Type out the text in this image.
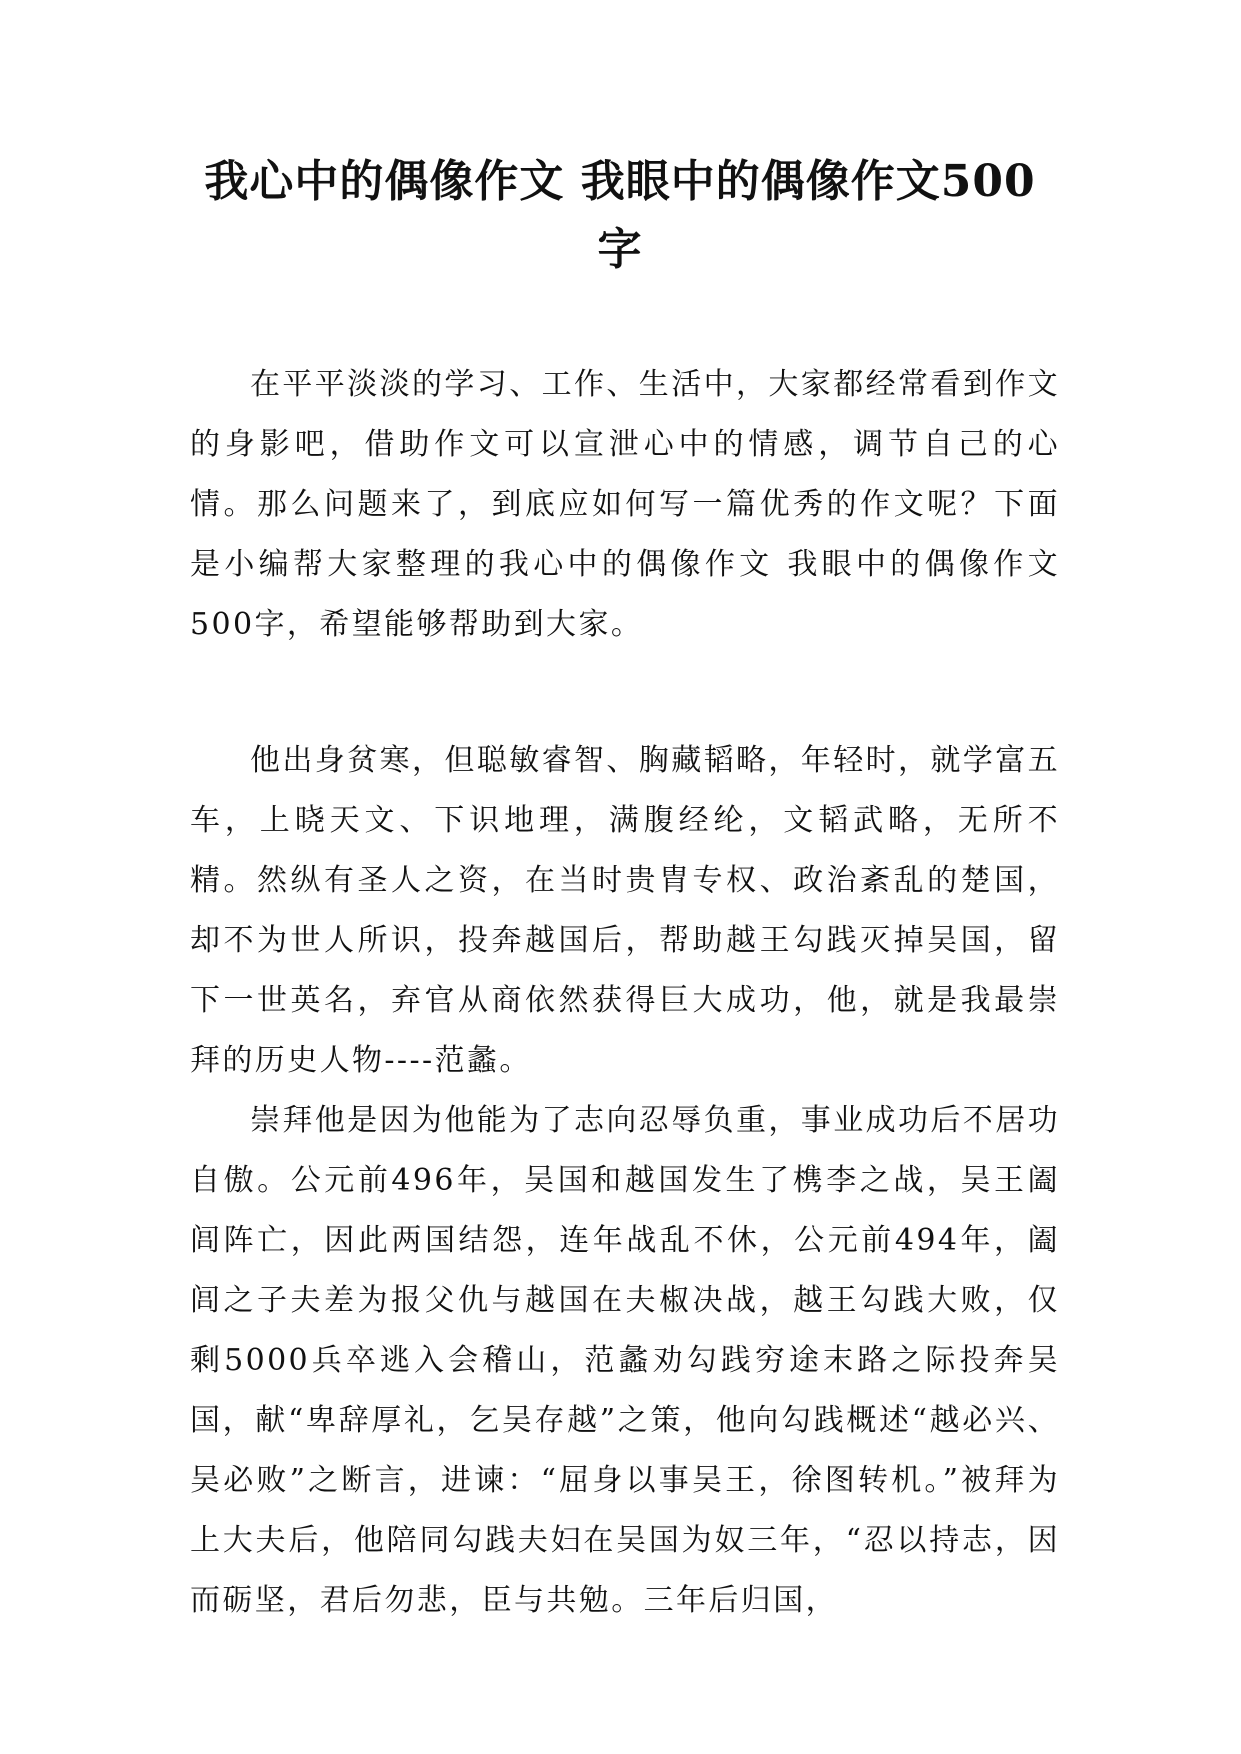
我心中的偶像作文 我眼中的偶像作文500字

在平平淡淡的学习、工作、生活中，大家都经常看到作文的身影吧，借助作文可以宣泄心中的情感，调节自己的心情。那么问题来了，到底应如何写一篇优秀的作文呢？下面是小编帮大家整理的我心中的偶像作文 我眼中的偶像作文500字，希望能够帮助到大家。

他出身贫寒，但聪敏睿智、胸藏韬略，年轻时，就学富五车，上晓天文、下识地理，满腹经纶，文韬武略，无所不精。然纵有圣人之资，在当时贵胄专权、政治紊乱的楚国，却不为世人所识，投奔越国后，帮助越王勾践灭掉吴国，留下一世英名，弃官从商依然获得巨大成功，他，就是我最崇拜的历史人物----范蠡。

崇拜他是因为他能为了志向忍辱负重，事业成功后不居功自傲。公元前496年，吴国和越国发生了槜李之战，吴王阖闾阵亡，因此两国结怨，连年战乱不休，公元前494年，阖闾之子夫差为报父仇与越国在夫椒决战，越王勾践大败，仅剩5000兵卒逃入会稽山，范蠡劝勾践穷途末路之际投奔吴国，献“卑辞厚礼，乞吴存越”之策，他向勾践概述“越必兴、吴必败”之断言，进谏：“屈身以事吴王，徐图转机。”被拜为上大夫后，他陪同勾践夫妇在吴国为奴三年，“忍以持志，因而砺坚，君后勿悲，臣与共勉。三年后归国，
